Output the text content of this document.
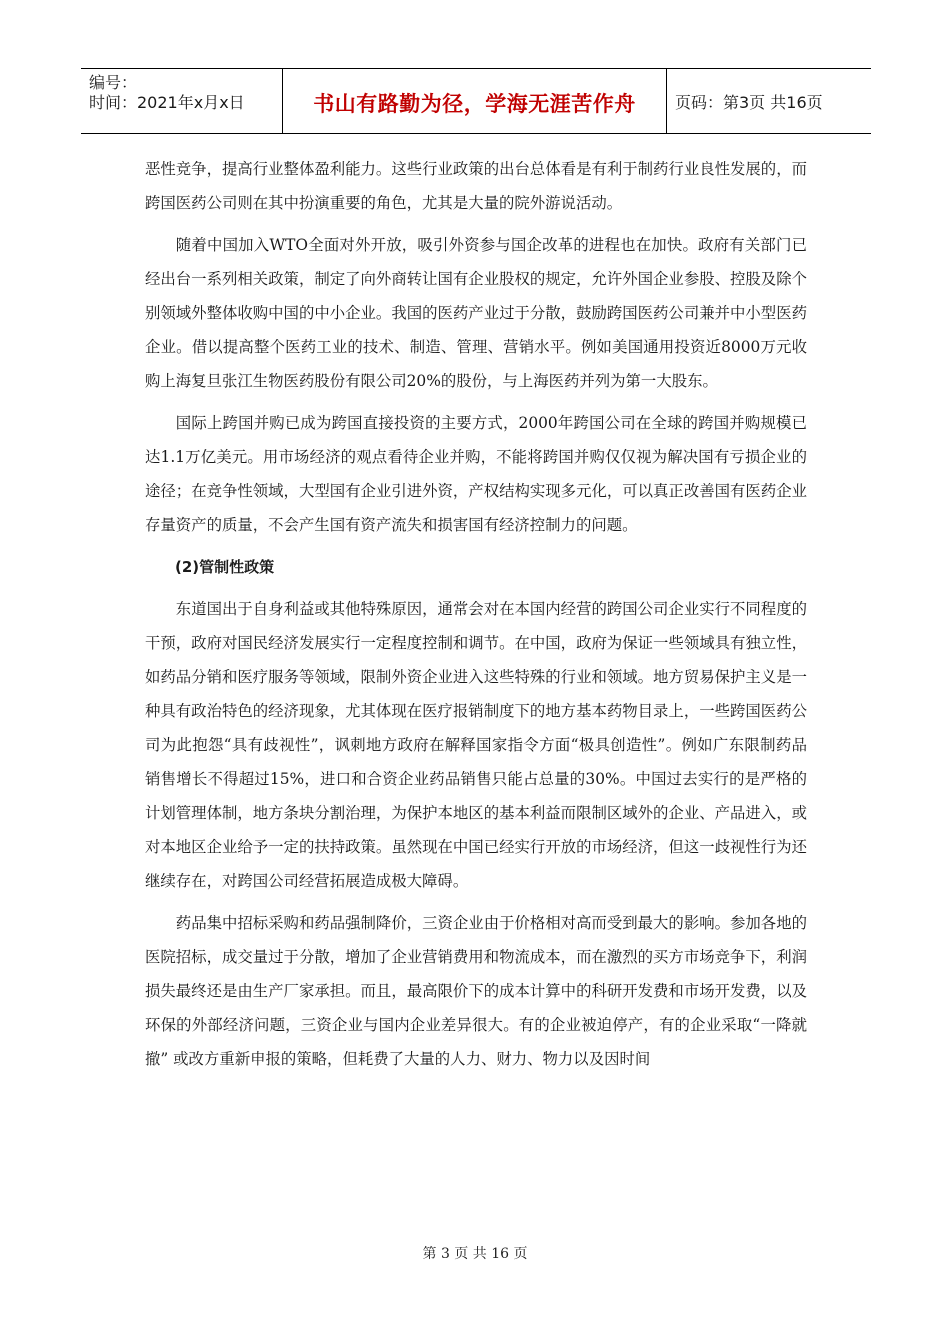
编号：
时间：2021年x月x日	书山有路勤为径，学海无涯苦作舟 页码：第3页 共16页

恶性竞争，提高行业整体盈利能力。这些行业政策的出台总体看是有利于制药行业良性发展的，而跨国医药公司则在其中扮演重要的角色，尤其是大量的院外游说活动。

随着中国加入WTO全面对外开放，吸引外资参与国企改革的进程也在加快。政府有关部门已经出台一系列相关政策，制定了向外商转让国有企业股权的规定，允许外国企业参股、控股及除个别领域外整体收购中国的中小企业。我国的医药产业过于分散，鼓励跨国医药公司兼并中小型医药企业。借以提高整个医药工业的技术、制造、管理、营销水平。例如美国通用投资近8000万元收购上海复旦张江生物医药股份有限公司20%的股份，与上海医药并列为第一大股东。

国际上跨国并购已成为跨国直接投资的主要方式，2000年跨国公司在全球的跨国并购规模已达1.1万亿美元。用市场经济的观点看待企业并购，不能将跨国并购仅仅视为解决国有亏损企业的途径；在竞争性领域，大型国有企业引进外资，产权结构实现多元化，可以真正改善国有医药企业存量资产的质量，不会产生国有资产流失和损害国有经济控制力的问题。

(2)管制性政策

东道国出于自身利益或其他特殊原因，通常会对在本国内经营的跨国公司企业实行不同程度的干预，政府对国民经济发展实行一定程度控制和调节。在中国，政府为保证一些领域具有独立性，如药品分销和医疗服务等领域，限制外资企业进入这些特殊的行业和领域。地方贸易保护主义是一种具有政治特色的经济现象，尤其体现在医疗报销制度下的地方基本药物目录上，一些跨国医药公司为此抱怨“具有歧视性”，讽刺地方政府在解释国家指令方面“极具创造性”。例如广东限制药品销售增长不得超过15%，进口和合资企业药品销售只能占总量的30%。中国过去实行的是严格的计划管理体制，地方条块分割治理，为保护本地区的基本利益而限制区域外的企业、产品进入，或对本地区企业给予一定的扶持政策。虽然现在中国已经实行开放的市场经济，但这一歧视性行为还继续存在，对跨国公司经营拓展造成极大障碍。

药品集中招标采购和药品强制降价，三资企业由于价格相对高而受到最大的影响。参加各地的医院招标，成交量过于分散，增加了企业营销费用和物流成本，而在激烈的买方市场竞争下，利润损失最终还是由生产厂家承担。而且，最高限价下的成本计算中的科研开发费和市场开发费，以及环保的外部经济问题，三资企业与国内企业差异很大。有的企业被迫停产，有的企业采取“一降就撤” 或改方重新申报的策略，但耗费了大量的人力、财力、物力以及因时间

第 3 页 共 16 页
